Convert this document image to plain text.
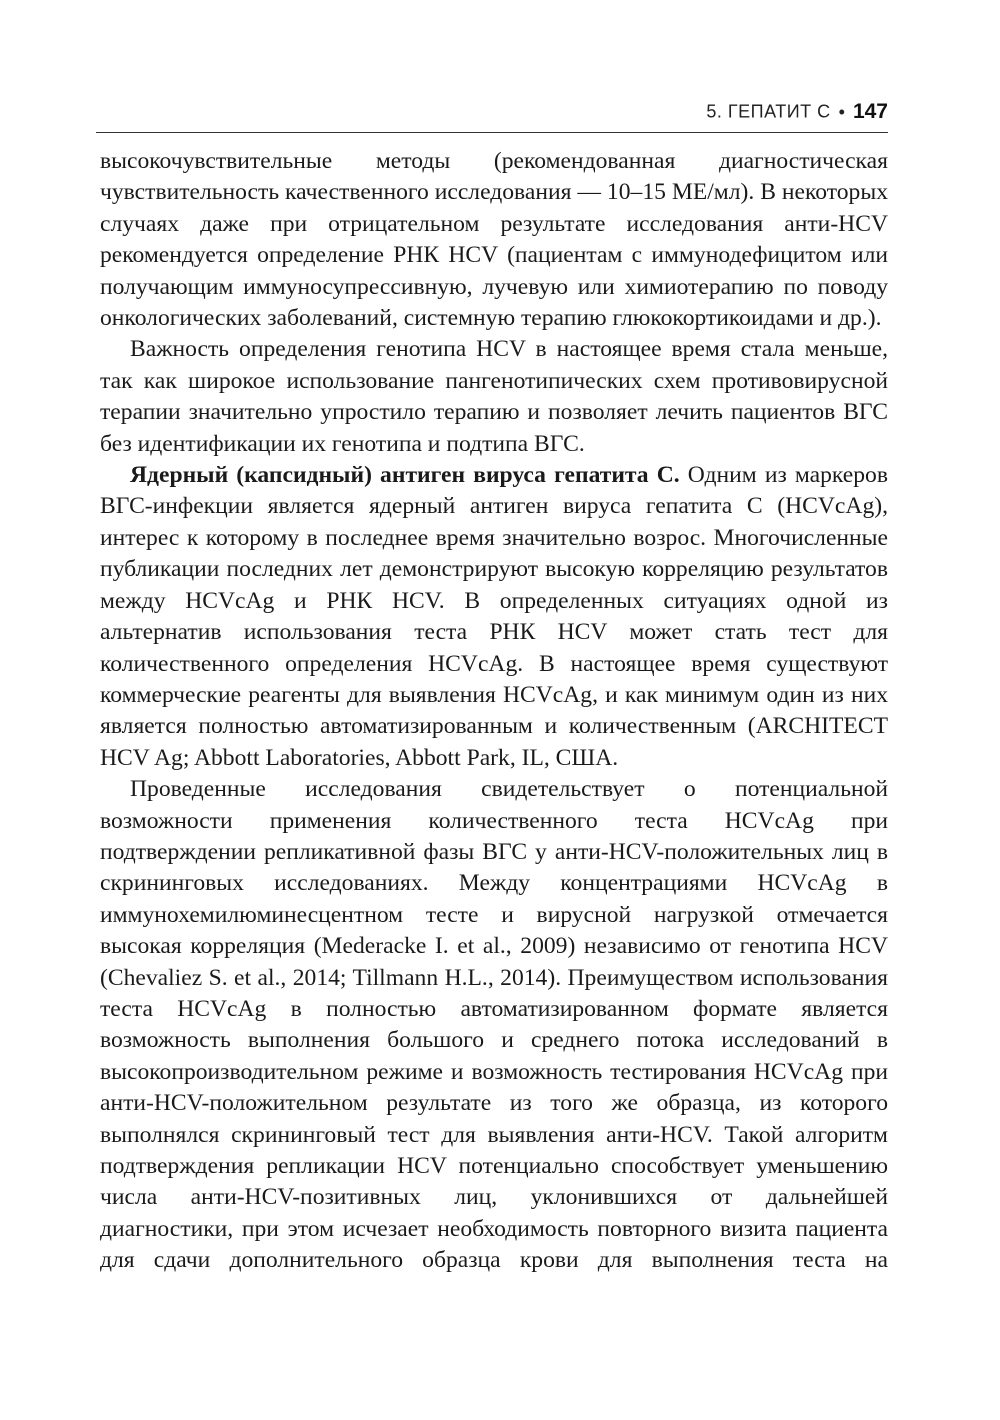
5. ГЕПАТИТ С • 147

высокочувствительные методы (рекомендованная диагностическая чувствительность качественного исследования — 10–15 МЕ/мл). В некоторых случаях даже при отрицательном результате исследования анти-HCV рекомендуется определение РНК HCV (пациентам с иммунодефицитом или получающим иммуносупрессивную, лучевую или химиотерапию по поводу онкологических заболеваний, системную терапию глюкокортикоидами и др.).

Важность определения генотипа HCV в настоящее время стала меньше, так как широкое использование пангенотипических схем противовирусной терапии значительно упростило терапию и позволяет лечить пациентов ВГС без идентификации их генотипа и подтипа ВГС.

Ядерный (капсидный) антиген вируса гепатита С. Одним из маркеров ВГС-инфекции является ядерный антиген вируса гепатита С (HCVcAg), интерес к которому в последнее время значительно возрос. Многочисленные публикации последних лет демонстрируют высокую корреляцию результатов между HCVcAg и РНК HCV. В определенных ситуациях одной из альтернатив использования теста РНК HCV может стать тест для количественного определения HCVcAg. В настоящее время существуют коммерческие реагенты для выявления HCVcAg, и как минимум один из них является полностью автоматизированным и количественным (ARCHITECT HCV Ag; Abbott Laboratories, Abbott Park, IL, США.

Проведенные исследования свидетельствует о потенциальной возможности применения количественного теста HCVcAg при подтверждении репликативной фазы ВГС у анти-HCV-положительных лиц в скрининговых исследованиях. Между концентрациями HCVcAg в иммунохемилюминесцентном тесте и вирусной нагрузкой отмечается высокая корреляция (Mederacke I. et al., 2009) независимо от генотипа HCV (Chevaliez S. et al., 2014; Tillmann H.L., 2014). Преимуществом использования теста HCVcAg в полностью автоматизированном формате является возможность выполнения большого и среднего потока исследований в высокопроизводительном режиме и возможность тестирования HCVcAg при анти-HCV-положительном результате из того же образца, из которого выполнялся скрининговый тест для выявления анти-HCV. Такой алгоритм подтверждения репликации HCV потенциально способствует уменьшению числа анти-HCV-позитивных лиц, уклонившихся от дальнейшей диагностики, при этом исчезает необходимость повторного визита пациента для сдачи дополнительного образца крови для выполнения теста на
